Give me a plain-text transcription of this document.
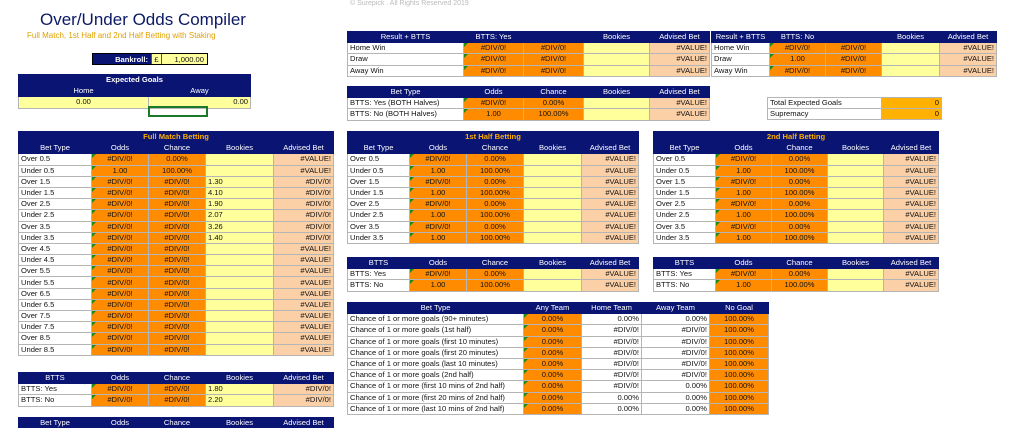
Over/Under Odds Compiler
Full Match, 1st Half and 2nd Half Betting with Staking
© Surepick . All Rights Reserved 2019
Bankroll: £	1,000.00
Expected Goals	
Home	Away
0.00	0.00
Result + BTTS	BTTS: Yes		Bookies	Advised Bet
Home Win	#DIV/0!	#DIV/0!		#VALUE!
Draw	#DIV/0!	#DIV/0!		#VALUE!
Away Win	#DIV/0!	#DIV/0!		#VALUE!
Result + BTTS	BTTS: No		Bookies	Advised Bet
Home Win	#DIV/0!	#DIV/0!		#VALUE!
Draw	1.00	#DIV/0!		#VALUE!
Away Win	#DIV/0!	#DIV/0!		#VALUE!
Bet Type	Odds	Chance	Bookies	Advised Bet
BTTS: Yes (BOTH Halves)	#DIV/0!	0.00%		#VALUE!
BTTS: No (BOTH Halves)	1.00	100.00%		#VALUE!
Total Expected Goals	0
Supremacy	0
Full Match Betting				
Bet Type	Odds	Chance	Bookies	Advised Bet
Over 0.5	#DIV/0!	0.00%		#VALUE!
Under 0.5	1.00	100.00%		#VALUE!
Over 1.5	#DIV/0!	#DIV/0!	1.30	#DIV/0!
Under 1.5	#DIV/0!	#DIV/0!	4.10	#DIV/0!
Over 2.5	#DIV/0!	#DIV/0!	1.90	#DIV/0!
Under 2.5	#DIV/0!	#DIV/0!	2.07	#DIV/0!
Over 3.5	#DIV/0!	#DIV/0!	3.26	#DIV/0!
Under 3.5	#DIV/0!	#DIV/0!	1.40	#DIV/0!
Over 4.5	#DIV/0!	#DIV/0!		#VALUE!
Under 4.5	#DIV/0!	#DIV/0!		#VALUE!
Over 5.5	#DIV/0!	#DIV/0!		#VALUE!
Under 5.5	#DIV/0!	#DIV/0!		#VALUE!
Over 6.5	#DIV/0!	#DIV/0!		#VALUE!
Under 6.5	#DIV/0!	#DIV/0!		#VALUE!
Over 7.5	#DIV/0!	#DIV/0!		#VALUE!
Under 7.5	#DIV/0!	#DIV/0!		#VALUE!
Over 8.5	#DIV/0!	#DIV/0!		#VALUE!
Under 8.5	#DIV/0!	#DIV/0!		#VALUE!
BTTS	Odds	Chance	Bookies	Advised Bet
BTTS: Yes	#DIV/0!	#DIV/0!	1.80	#DIV/0!
BTTS: No	#DIV/0!	#DIV/0!	2.20	#DIV/0!
Bet Type	Odds	Chance	Bookies	Advised Bet
1st Half Betting				
Bet Type	Odds	Chance	Bookies	Advised Bet
Over 0.5	#DIV/0!	0.00%		#VALUE!
Under 0.5	1.00	100.00%		#VALUE!
Over 1.5	#DIV/0!	0.00%		#VALUE!
Under 1.5	1.00	100.00%		#VALUE!
Over 2.5	#DIV/0!	0.00%		#VALUE!
Under 2.5	1.00	100.00%		#VALUE!
Over 3.5	#DIV/0!	0.00%		#VALUE!
Under 3.5	1.00	100.00%		#VALUE!
2nd Half Betting				
Bet Type	Odds	Chance	Bookies	Advised Bet
Over 0.5	#DIV/0!	0.00%		#VALUE!
Under 0.5	1.00	100.00%		#VALUE!
Over 1.5	#DIV/0!	0.00%		#VALUE!
Under 1.5	1.00	100.00%		#VALUE!
Over 2.5	#DIV/0!	0.00%		#VALUE!
Under 2.5	1.00	100.00%		#VALUE!
Over 3.5	#DIV/0!	0.00%		#VALUE!
Under 3.5	1.00	100.00%		#VALUE!
BTTS	Odds	Chance	Bookies	Advised Bet
BTTS: Yes	#DIV/0!	0.00%		#VALUE!
BTTS: No	1.00	100.00%		#VALUE!
BTTS	Odds	Chance	Bookies	Advised Bet
BTTS: Yes	#DIV/0!	0.00%		#VALUE!
BTTS: No	1.00	100.00%		#VALUE!
Bet Type	Any Team	Home Team	Away Team	No Goal
Chance of 1 or more goals (90+ minutes)	0.00%	0.00%	0.00%	100.00%
Chance of 1 or more goals (1st half)	0.00%	#DIV/0!	#DIV/0!	100.00%
Chance of 1 or more goals (first 10 minutes)	0.00%	#DIV/0!	#DIV/0!	100.00%
Chance of 1 or more goals (first 20 minutes)	0.00%	#DIV/0!	#DIV/0!	100.00%
Chance of 1 or more goals (last 10 minutes)	0.00%	#DIV/0!	#DIV/0!	100.00%
Chance of 1 or more goals (2nd half)	0.00%	#DIV/0!	#DIV/0!	100.00%
Chance of 1 or more (first 10 mins of 2nd half)	0.00%	#DIV/0!	0.00%	100.00%
Chance of 1 or more (first 20 mins of 2nd half)	0.00%	0.00%	0.00%	100.00%
Chance of 1 or more (last 10 mins of 2nd half)	0.00%	0.00%	0.00%	100.00%
